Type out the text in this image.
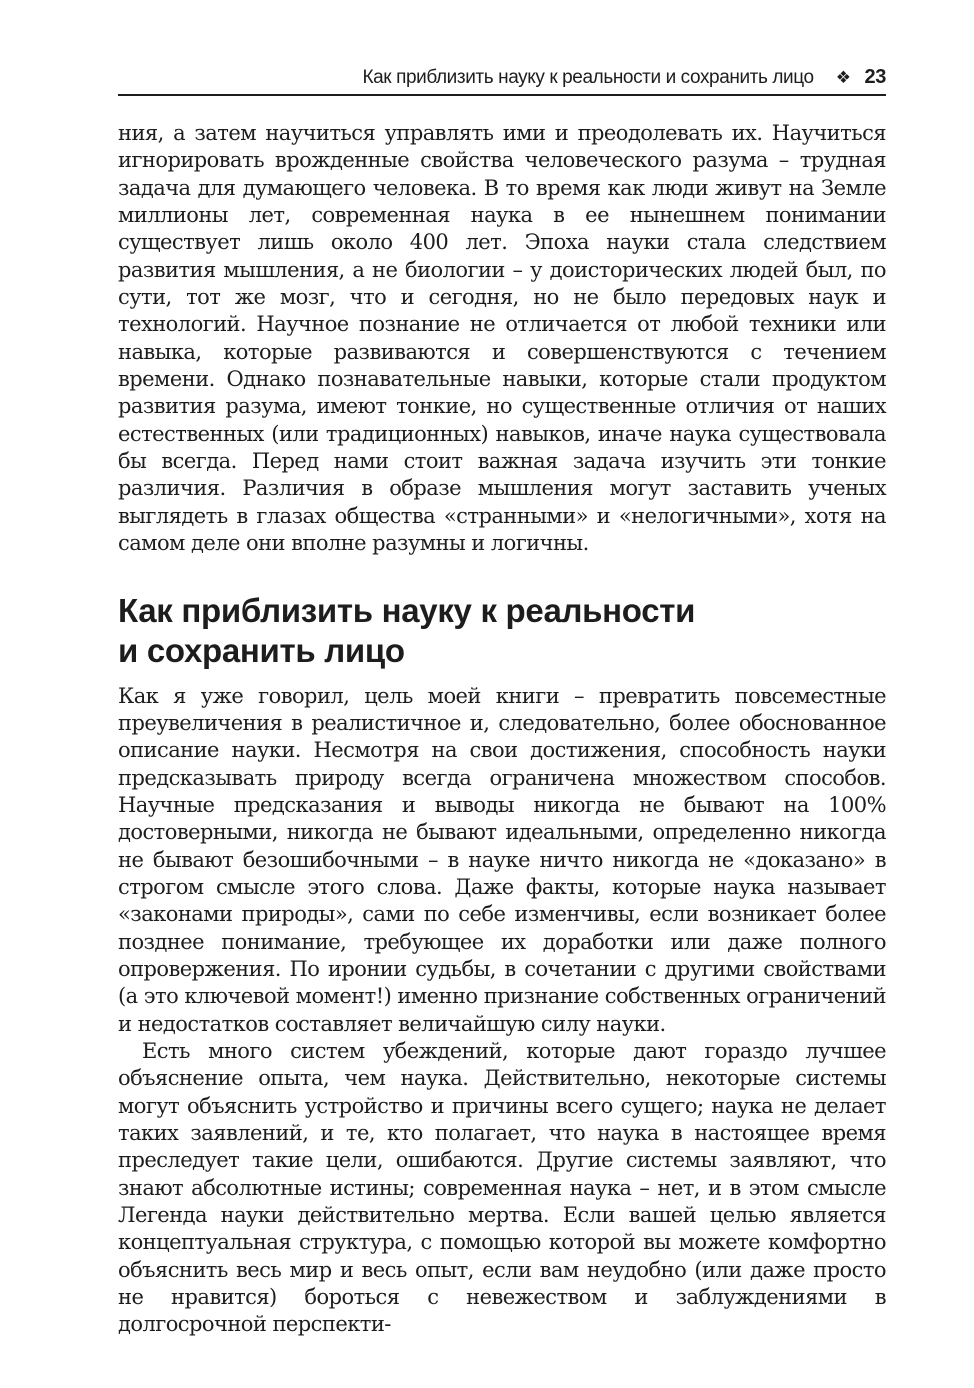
Как приблизить науку к реальности и сохранить лицо ❖ 23

ния, а затем научиться управлять ими и преодолевать их. Научиться игнорировать врожденные свойства человеческого разума – трудная задача для думающего человека. В то время как люди живут на Земле миллионы лет, современная наука в ее нынешнем понимании существует лишь около 400 лет. Эпоха науки стала следствием развития мышления, а не биологии – у доисторических людей был, по сути, тот же мозг, что и сегодня, но не было передовых наук и технологий. Научное познание не отличается от любой техники или навыка, которые развиваются и совершенствуются с течением времени. Однако познавательные навыки, которые стали продуктом развития разума, имеют тонкие, но существенные отличия от наших естественных (или традиционных) навыков, иначе наука существовала бы всегда. Перед нами стоит важная задача изучить эти тонкие различия. Различия в образе мышления могут заставить ученых выглядеть в глазах общества «странными» и «нелогичными», хотя на самом деле они вполне разумны и логичны.

Как приблизить науку к реальности
и сохранить лицо

Как я уже говорил, цель моей книги – превратить повсеместные преувеличения в реалистичное и, следовательно, более обоснованное описание науки. Несмотря на свои достижения, способность науки предсказывать природу всегда ограничена множеством способов. Научные предсказания и выводы никогда не бывают на 100% достоверными, никогда не бывают идеальными, определенно никогда не бывают безошибочными – в науке ничто никогда не «доказано» в строгом смысле этого слова. Даже факты, которые наука называет «законами природы», сами по себе изменчивы, если возникает более позднее понимание, требующее их доработки или даже полного опровержения. По иронии судьбы, в сочетании с другими свойствами (а это ключевой момент!) именно признание собственных ограничений и недостатков составляет величайшую силу науки.

Есть много систем убеждений, которые дают гораздо лучшее объяснение опыта, чем наука. Действительно, некоторые системы могут объяснить устройство и причины всего сущего; наука не делает таких заявлений, и те, кто полагает, что наука в настоящее время преследует такие цели, ошибаются. Другие системы заявляют, что знают абсолютные истины; современная наука – нет, и в этом смысле Легенда науки действительно мертва. Если вашей целью является концептуальная структура, с помощью которой вы можете комфортно объяснить весь мир и весь опыт, если вам неудобно (или даже просто не нравится) бороться с невежеством и заблуждениями в долгосрочной перспекти-
